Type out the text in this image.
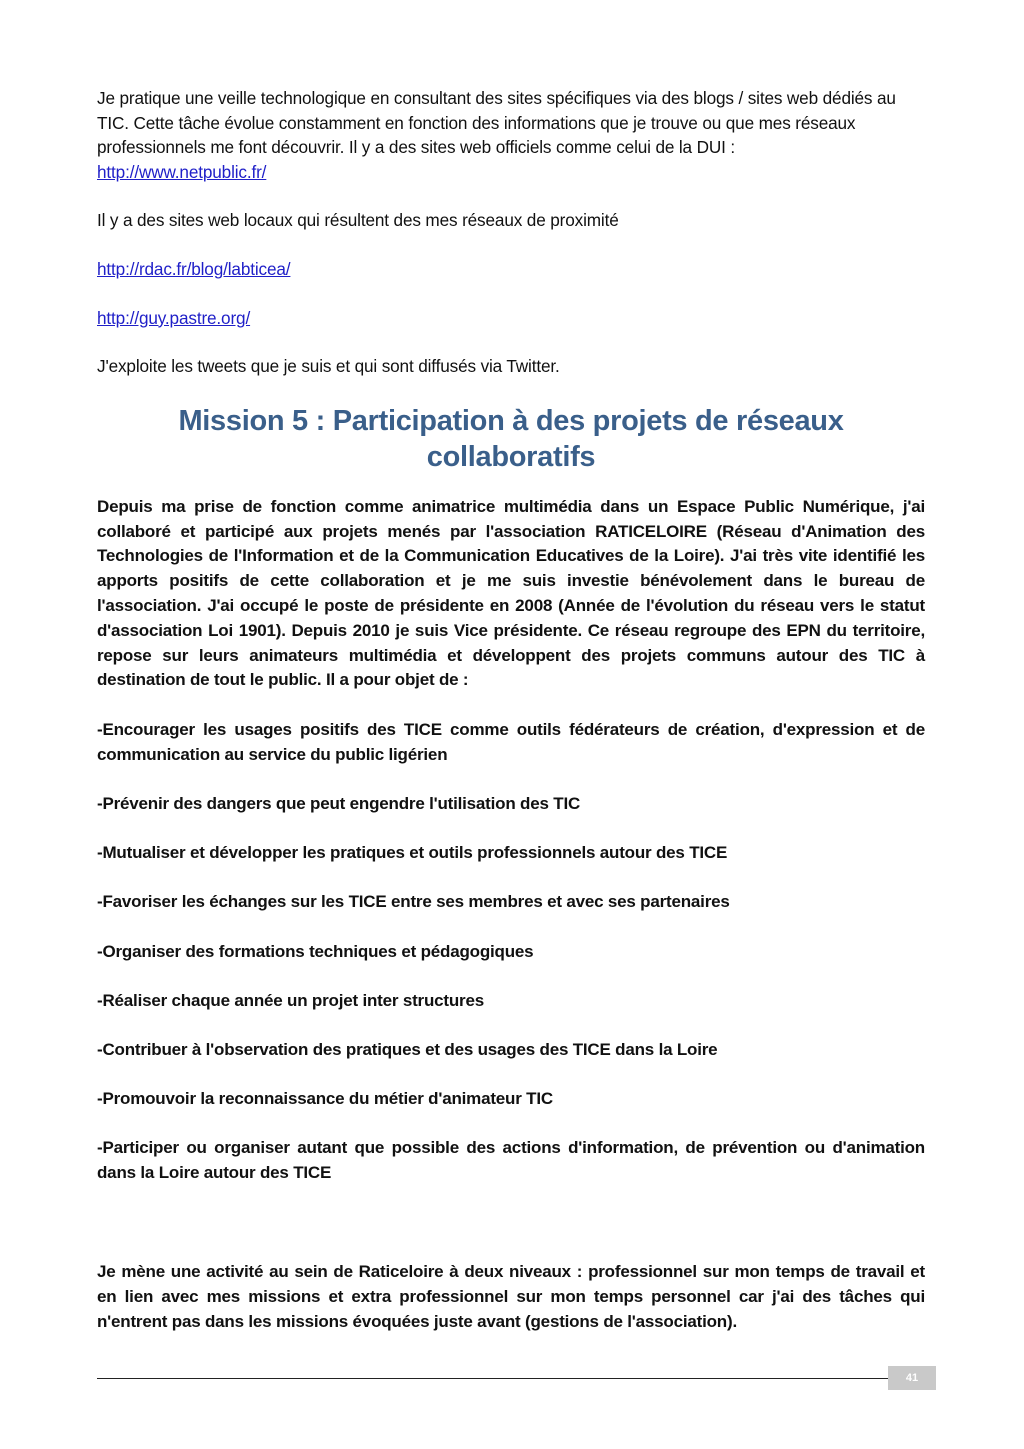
Je pratique une veille technologique en consultant des sites spécifiques via des blogs / sites web dédiés au TIC. Cette tâche évolue constamment en fonction des informations que je trouve ou que mes réseaux professionnels me font découvrir. Il y a des sites web officiels comme celui de la DUI :
http://www.netpublic.fr/

Il y a des sites web locaux qui résultent des mes réseaux de proximité

http://rdac.fr/blog/labticea/

http://guy.pastre.org/

J'exploite les tweets que je suis et qui sont diffusés via Twitter.

Mission 5 : Participation à des projets de réseaux collaboratifs

Depuis ma prise de fonction comme animatrice multimédia dans un Espace Public Numérique, j'ai collaboré et participé aux projets menés par l'association RATICELOIRE (Réseau d'Animation des Technologies de l'Information et de la Communication Educatives de la Loire). J'ai très vite identifié les apports positifs de cette collaboration et je me suis investie bénévolement dans le bureau de l'association. J'ai occupé le poste de présidente en 2008 (Année de l'évolution du réseau vers le statut d'association Loi 1901). Depuis 2010 je suis Vice présidente. Ce réseau regroupe des EPN du territoire, repose sur leurs animateurs multimédia et développent des projets communs autour des TIC à destination de tout le public. Il a pour objet de :

-Encourager les usages positifs des TICE comme outils fédérateurs de création, d'expression et de communication au service du public ligérien

-Prévenir des dangers que peut engendre l'utilisation des TIC

-Mutualiser et développer les pratiques et outils professionnels autour des TICE

-Favoriser les échanges sur les TICE entre ses membres et avec ses partenaires

-Organiser des formations techniques et pédagogiques

-Réaliser chaque année un projet inter structures

-Contribuer à l'observation des pratiques et des usages des TICE dans la Loire

-Promouvoir la reconnaissance du métier d'animateur TIC

-Participer ou organiser autant que possible des actions d'information, de prévention ou d'animation dans la Loire autour des TICE

Je mène une activité au sein de Raticeloire à deux niveaux : professionnel sur mon temps de travail et en lien avec mes missions et extra professionnel sur mon temps personnel car j'ai des tâches qui n'entrent pas dans les missions évoquées juste avant (gestions de l'association).

41
